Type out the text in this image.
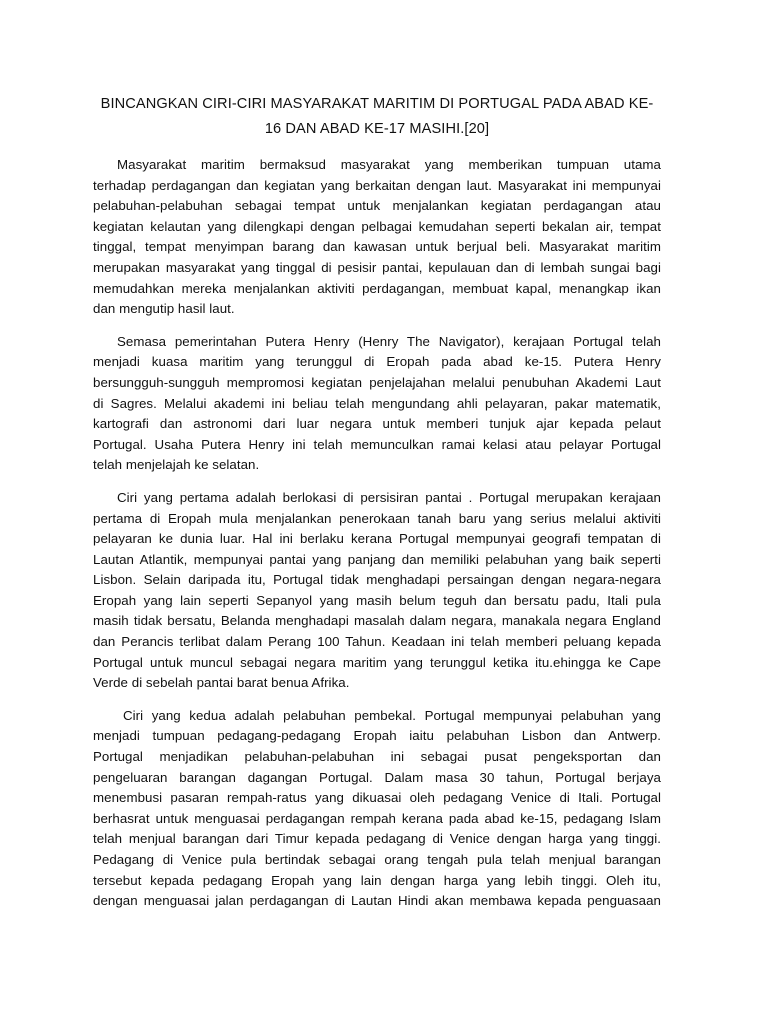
BINCANGKAN CIRI-CIRI MASYARAKAT MARITIM DI PORTUGAL PADA ABAD KE-
16 DAN ABAD KE-17 MASIHI.[20]

Masyarakat maritim bermaksud masyarakat yang memberikan tumpuan utama
terhadap perdagangan dan kegiatan yang berkaitan dengan laut. Masyarakat ini mempunyai
pelabuhan-pelabuhan sebagai tempat untuk menjalankan kegiatan perdagangan atau
kegiatan kelautan yang dilengkapi dengan pelbagai kemudahan seperti bekalan air, tempat
tinggal, tempat menyimpan barang dan kawasan untuk berjual beli. Masyarakat maritim
merupakan masyarakat yang tinggal di pesisir pantai, kepulauan dan di lembah sungai bagi
memudahkan mereka menjalankan aktiviti perdagangan, membuat kapal, menangkap ikan
dan mengutip hasil laut.

Semasa pemerintahan Putera Henry (Henry The Navigator), kerajaan Portugal telah
menjadi kuasa maritim yang terunggul di Eropah pada abad ke-15. Putera Henry
bersungguh-sungguh mempromosi kegiatan penjelajahan melalui penubuhan Akademi Laut
di Sagres. Melalui akademi ini beliau telah mengundang ahli pelayaran, pakar matematik,
kartografi dan astronomi dari luar negara untuk memberi tunjuk ajar kepada pelaut
Portugal. Usaha Putera Henry ini telah memunculkan ramai kelasi atau pelayar Portugal
telah menjelajah ke selatan.

Ciri yang pertama adalah berlokasi di persisiran pantai . Portugal merupakan kerajaan
pertama di Eropah mula menjalankan penerokaan tanah baru yang serius melalui aktiviti
pelayaran ke dunia luar. Hal ini berlaku kerana Portugal mempunyai geografi tempatan di
Lautan Atlantik, mempunyai pantai yang panjang dan memiliki pelabuhan yang baik seperti
Lisbon. Selain daripada itu, Portugal tidak menghadapi persaingan dengan negara-negara
Eropah yang lain seperti Sepanyol yang masih belum teguh dan bersatu padu, Itali pula
masih tidak bersatu, Belanda menghadapi masalah dalam negara, manakala negara England
dan Perancis terlibat dalam Perang 100 Tahun. Keadaan ini telah memberi peluang kepada
Portugal untuk muncul sebagai negara maritim yang terunggul ketika itu.ehingga ke Cape
Verde di sebelah pantai barat benua Afrika.

Ciri yang kedua adalah pelabuhan pembekal. Portugal mempunyai pelabuhan yang
menjadi tumpuan pedagang-pedagang Eropah iaitu pelabuhan Lisbon dan Antwerp.
Portugal menjadikan pelabuhan-pelabuhan ini sebagai pusat pengeksportan dan
pengeluaran barangan dagangan Portugal. Dalam masa 30 tahun, Portugal berjaya
menembusi pasaran rempah-ratus yang dikuasai oleh pedagang Venice di Itali. Portugal
berhasrat untuk menguasai perdagangan rempah kerana pada abad ke-15, pedagang Islam
telah menjual barangan dari Timur kepada pedagang di Venice dengan harga yang tinggi.
Pedagang di Venice pula bertindak sebagai orang tengah pula telah menjual barangan
tersebut kepada pedagang Eropah yang lain dengan harga yang lebih tinggi. Oleh itu,
dengan menguasai jalan perdagangan di Lautan Hindi akan membawa kepada penguasaan
